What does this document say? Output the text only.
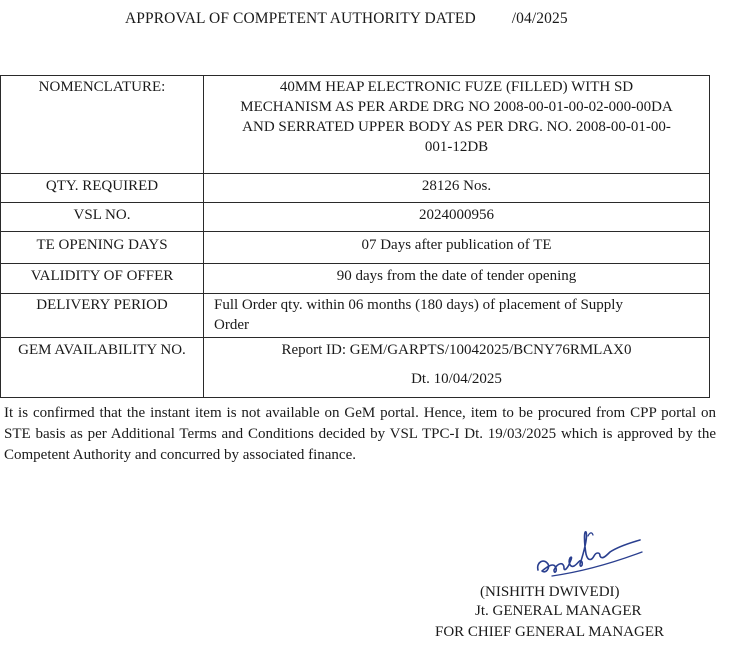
APPROVAL OF COMPETENT AUTHORITY DATED /04/2025
NOMENCLATURE:	40MM HEAP ELECTRONIC FUZE (FILLED) WITH SD
MECHANISM AS PER ARDE DRG NO 2008-00-01-00-02-000-00DA
AND SERRATED UPPER BODY AS PER DRG. NO. 2008-00-01-00-
001-12DB

QTY. REQUIRED	28126 Nos.
VSL NO.	2024000956
TE OPENING DAYS	07 Days after publication of TE
VALIDITY OF OFFER	90 days from the date of tender opening
DELIVERY PERIOD	Full Order qty. within 06 months (180 days) of placement of Supply
Order

GEM AVAILABILITY NO.	Report ID: GEM/GARPTS/10042025/BCNY76RMLAX0
Dt. 10/04/2025
It is confirmed that the instant item is not available on GeM portal. Hence, item to be procured from CPP portal on STE basis as per Additional Terms and Conditions decided by VSL TPC-I Dt. 19/03/2025 which is approved by the Competent Authority and concurred by associated finance.
(NISHITH DWIVEDI)
Jt. GENERAL MANAGER
FOR CHIEF GENERAL MANAGER
